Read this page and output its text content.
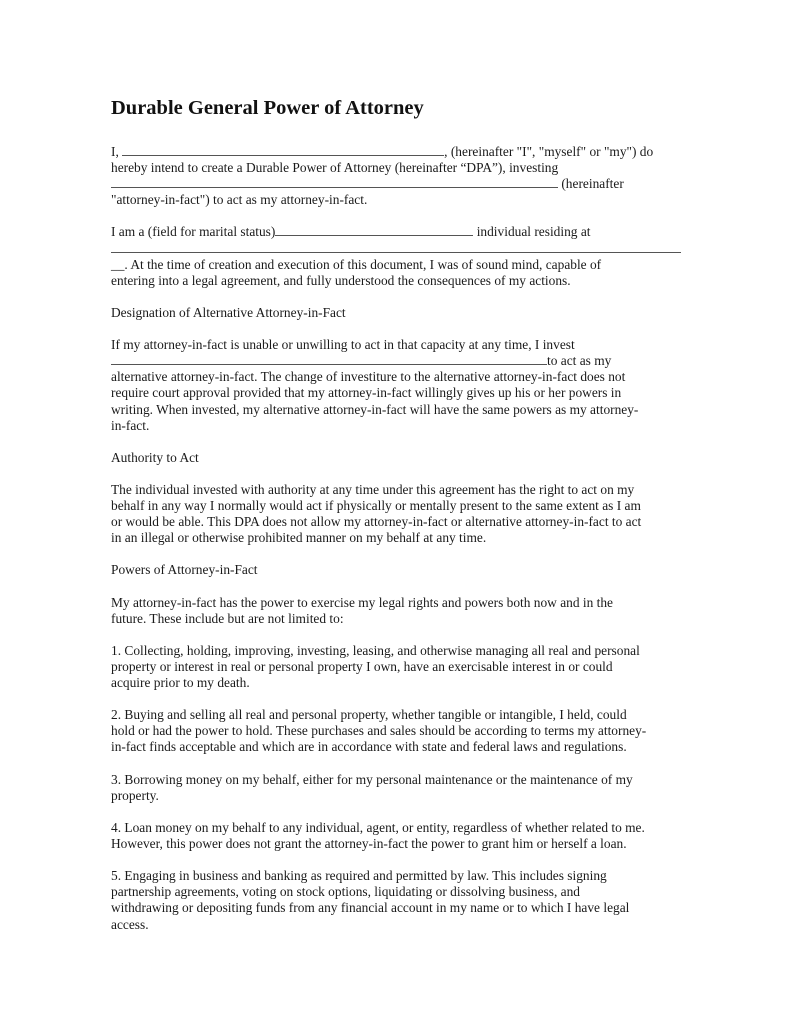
Durable General Power of Attorney
I,	, (hereinafter "I", "myself" or "my") do
hereby intend to create a Durable Power of Attorney (hereinafter “DPA”), investing
(hereinafter
"attorney-in-fact") to act as my attorney-in-fact.
I am a (field for marital status)	individual residing at
__. At the time of creation and execution of this document, I was of sound mind, capable of
entering into a legal agreement, and fully understood the consequences of my actions.
Designation of Alternative Attorney-in-Fact
If my attorney-in-fact is unable or unwilling to act in that capacity at any time, I invest
to act as my
alternative attorney-in-fact. The change of investiture to the alternative attorney-in-fact does not
require court approval provided that my attorney-in-fact willingly gives up his or her powers in
writing. When invested, my alternative attorney-in-fact will have the same powers as my attorney-
in-fact.
Authority to Act
The individual invested with authority at any time under this agreement has the right to act on my
behalf in any way I normally would act if physically or mentally present to the same extent as I am
or would be able. This DPA does not allow my attorney-in-fact or alternative attorney-in-fact to act
in an illegal or otherwise prohibited manner on my behalf at any time.
Powers of Attorney-in-Fact
My attorney-in-fact has the power to exercise my legal rights and powers both now and in the
future. These include but are not limited to:
1. Collecting, holding, improving, investing, leasing, and otherwise managing all real and personal
property or interest in real or personal property I own, have an exercisable interest in or could
acquire prior to my death.
2. Buying and selling all real and personal property, whether tangible or intangible, I held, could
hold or had the power to hold. These purchases and sales should be according to terms my attorney-
in-fact finds acceptable and which are in accordance with state and federal laws and regulations.
3. Borrowing money on my behalf, either for my personal maintenance or the maintenance of my
property.
4. Loan money on my behalf to any individual, agent, or entity, regardless of whether related to me.
However, this power does not grant the attorney-in-fact the power to grant him or herself a loan.
5. Engaging in business and banking as required and permitted by law. This includes signing
partnership agreements, voting on stock options, liquidating or dissolving business, and
withdrawing or depositing funds from any financial account in my name or to which I have legal
access.
